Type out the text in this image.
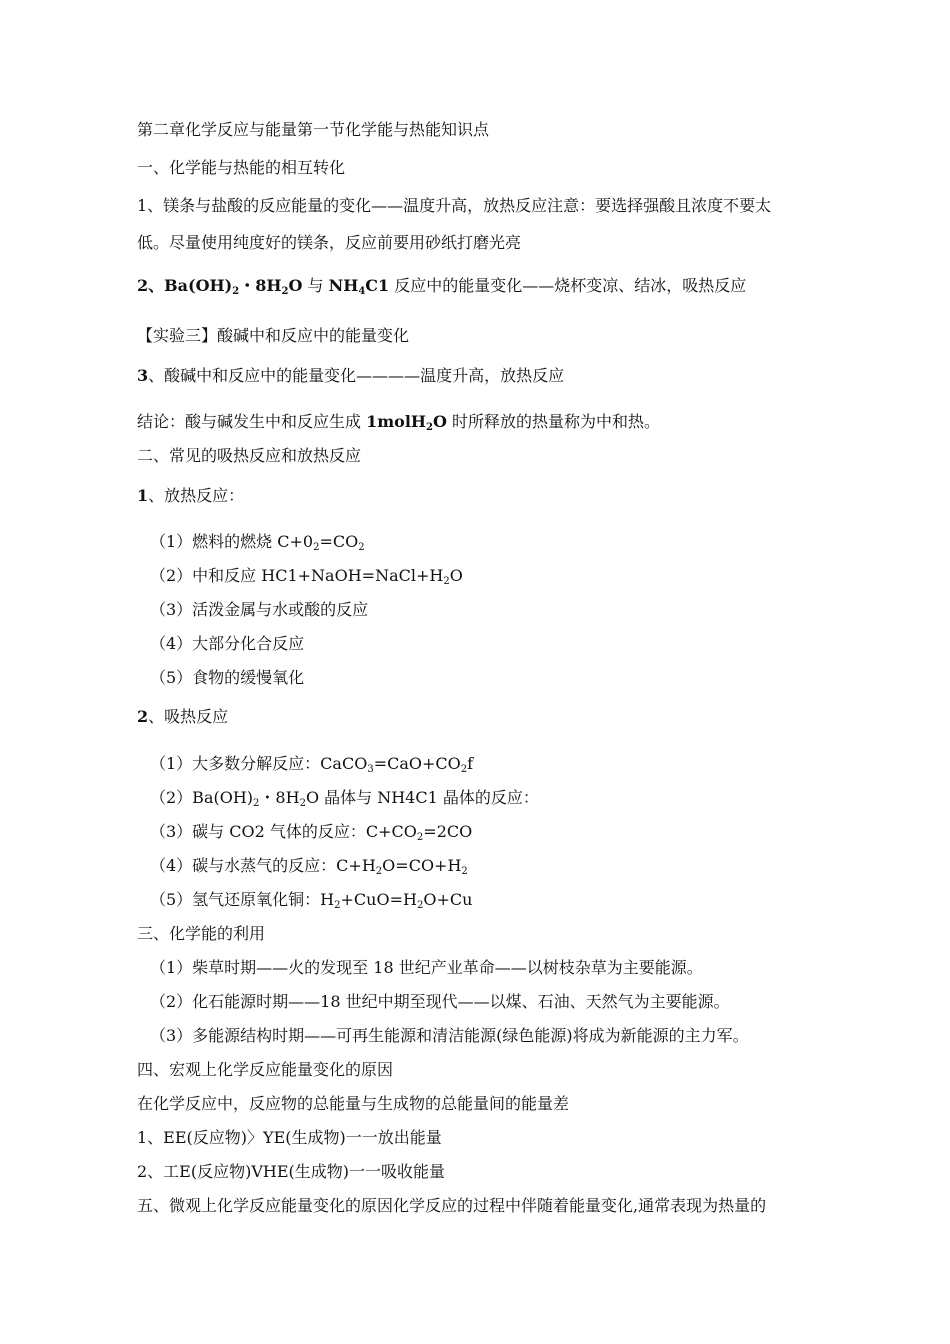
第二章化学反应与能量第一节化学能与热能知识点
一、化学能与热能的相互转化
1、镁条与盐酸的反应能量的变化——温度升高，放热反应注意：要选择强酸且浓度不要太
低。尽量使用纯度好的镁条，反应前要用砂纸打磨光亮
2、$Ba(OH)_2$・$8H_2O$ 与 $NH_4C1$ 反应中的能量变化——烧杯变凉、结冰，吸热反应
【实验三】酸碱中和反应中的能量变化
3、酸碱中和反应中的能量变化————温度升高，放热反应
结论：酸与碱发生中和反应生成 1molH$_2$O 时所释放的热量称为中和热。
二、常见的吸热反应和放热反应
1、放热反应：
（1）燃料的燃烧 $C+0_2=CO_2$
（2）中和反应 $HC1+NaOH=NaCl+H_2O$
（3）活泼金属与水或酸的反应
（4）大部分化合反应
（5）食物的缓慢氧化
2、吸热反应
（1）大多数分解反应：$CaCO_3=CaO+CO_2f$
$(2)Ba(OH)_2$・$8H_2O$ 晶体与 NH4C1 晶体的反应：
（3）碳与 CO2 气体的反应：$C+CO_2=2CO$
（4）碳与水蒸气的反应：$C+H_2O=CO+H_2$
（5）氢气还原氧化铜：$H_2+CuO=H_2O+Cu$
三、化学能的利用
（1）柴草时期——火的发现至 18 世纪产业革命——以树枝杂草为主要能源。
（2）化石能源时期——18 世纪中期至现代——以煤、石油、天然气为主要能源。
（3）多能源结构时期——可再生能源和清洁能源(绿色能源)将成为新能源的主力军。
四、宏观上化学反应能量变化的原因
在化学反应中，反应物的总能量与生成物的总能量间的能量差
1、EE(反应物)〉YE(生成物)一一放出能量
2、工E(反应物)VHE(生成物)一一吸收能量
五、微观上化学反应能量变化的原因化学反应的过程中伴随着能量变化,通常表现为热量的
